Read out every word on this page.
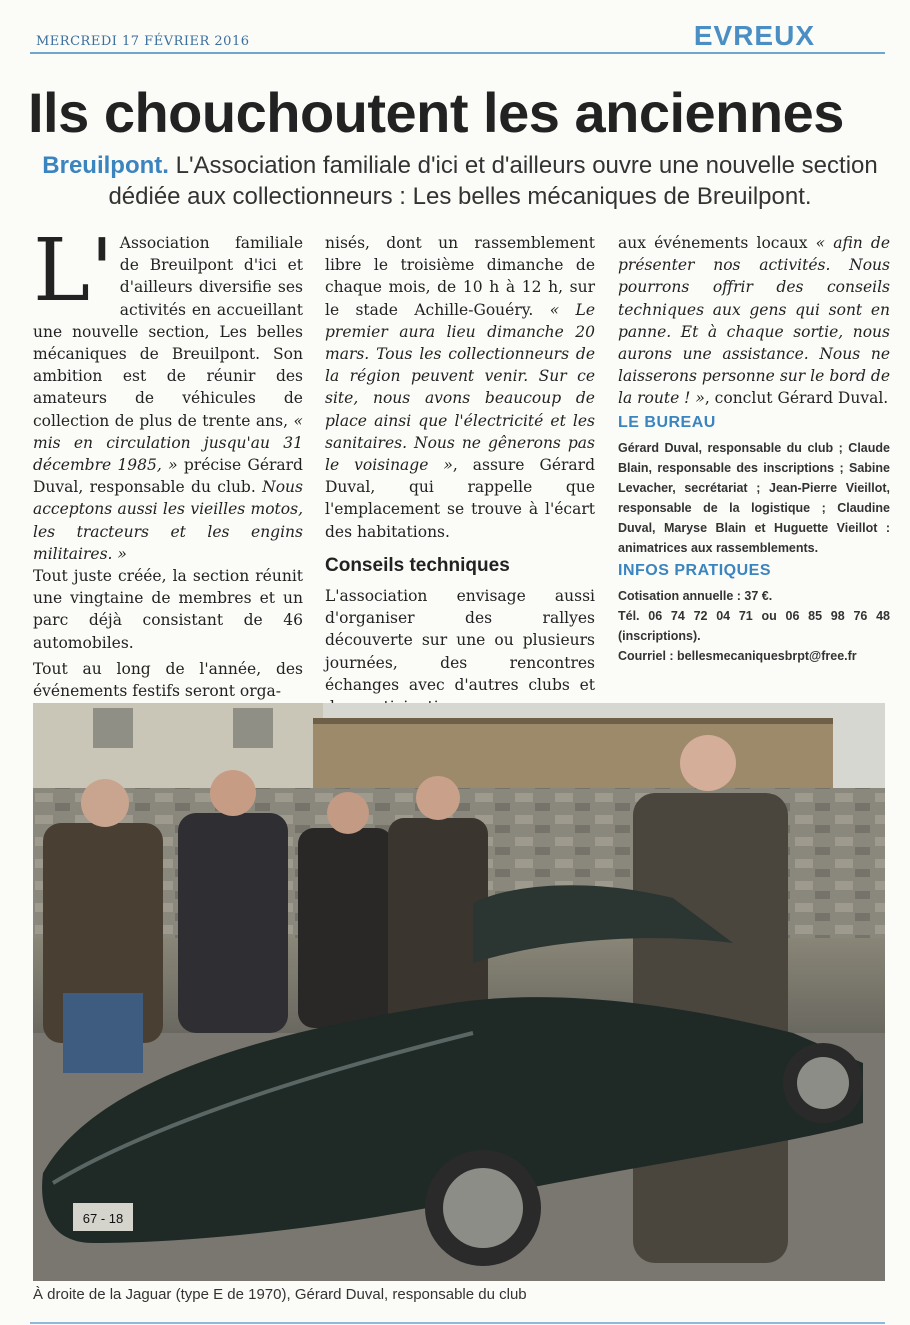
MERCREDI 17 FÉVRIER 2016	EVREUX
Ils chouchoutent les anciennes
Breuilpont. L'Association familiale d'ici et d'ailleurs ouvre une nouvelle section dédiée aux collectionneurs : Les belles mécaniques de Breuilpont.

L' Association familiale de Breuilpont d'ici et d'ailleurs diversifie ses activités en accueillant une nouvelle section, Les belles mécaniques de Breuilpont. Son ambition est de réunir des amateurs de véhicules de collection de plus de trente ans, « mis en circulation jusqu'au 31 décembre 1985, » précise Gérard Duval, responsable du club. Nous acceptons aussi les vieilles motos, les tracteurs et les engins militaires. »

Tout juste créée, la section réunit une vingtaine de membres et un parc déjà consistant de 46 automobiles.

Tout au long de l'année, des événements festifs seront orga-

nisés, dont un rassemblement libre le troisième dimanche de chaque mois, de 10 h à 12 h, sur le stade Achille-Gouéry. « Le premier aura lieu dimanche 20 mars. Tous les collectionneurs de la région peuvent venir. Sur ce site, nous avons beaucoup de place ainsi que l'électricité et les sanitaires. Nous ne gênerons pas le voisinage », assure Gérard Duval, qui rappelle que l'emplacement se trouve à l'écart des habitations.

Conseils techniques

L'association envisage aussi d'organiser des rallyes découverte sur une ou plusieurs journées, des rencontres échanges avec d'autres clubs et

aux événements locaux « afin de présenter nos activités. Nous pourrons offrir des conseils techniques aux gens qui sont en panne. Et à chaque sortie, nous aurons une assistance. Nous ne laisserons personne sur le bord de la route ! », conclut Gérard Duval.

LE BUREAU
Gérard Duval, responsable du club ; Claude Blain, responsable des inscriptions ; Sabine Levacher, secrétariat ; Jean-Pierre Vieillot, responsable de la logistique ; Claudine Duval, Maryse Blain et Huguette Vieillot : animatrices aux rassemblements.
INFOS PRATIQUES
Cotisation annuelle : 37 €.
Tél. 06 74 72 04 71 ou 06 85 98 76 48 (inscriptions).
Courriel : bellesmecaniquesbrpt@free.fr
67 - 18
À droite de la Jaguar (type E de 1970), Gérard Duval, responsable du club
